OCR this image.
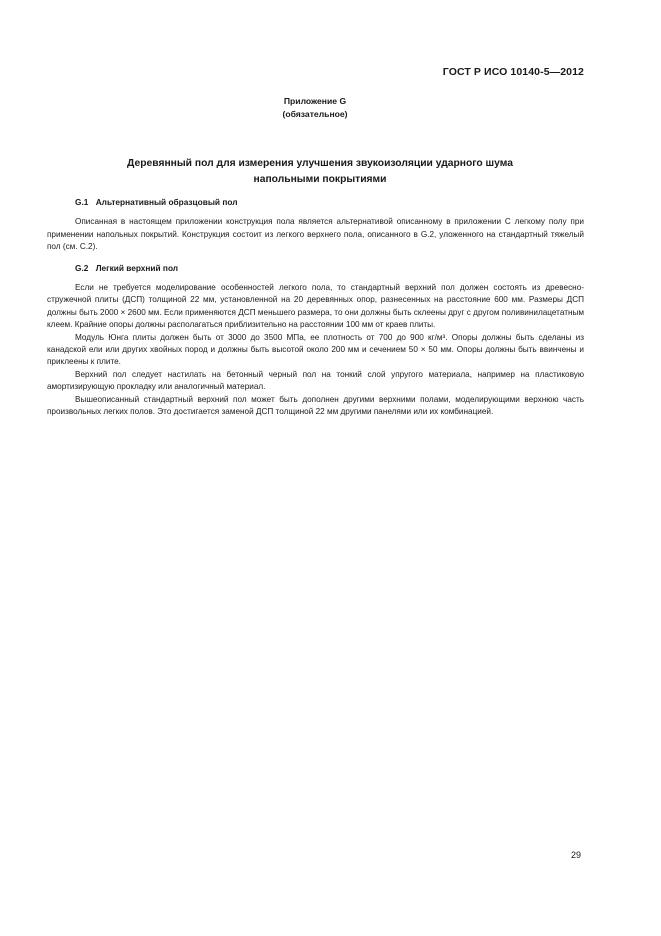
ГОСТ Р ИСО 10140-5—2012
Приложение G
(обязательное)
Деревянный пол для измерения улучшения звукоизоляции ударного шума
напольными покрытиями
G.1 Альтернативный образцовый пол

Описанная в настоящем приложении конструкция пола является альтернативой описанному в приложении С легкому полу при применении напольных покрытий. Конструкция состоит из легкого верхнего пола, описанного в G.2, уложенного на стандартный тяжелый пол (см. С.2).

G.2 Легкий верхний пол

Если не требуется моделирование особенностей легкого пола, то стандартный верхний пол должен состоять из древесно-стружечной плиты (ДСП) толщиной 22 мм, установленной на 20 деревянных опор, разнесенных на расстояние 600 мм. Размеры ДСП должны быть 2000 × 2600 мм. Если применяются ДСП меньшего размера, то они должны быть склеены друг с другом поливинилацетатным клеем. Крайние опоры должны располагаться приблизительно на расстоянии 100 мм от краев плиты.

Модуль Юнга плиты должен быть от 3000 до 3500 МПа, ее плотность от 700 до 900 кг/м³. Опоры должны быть сделаны из канадской ели или других хвойных пород и должны быть высотой около 200 мм и сечением 50 × 50 мм. Опоры должны быть ввинчены и приклеены к плите.

Верхний пол следует настилать на бетонный черный пол на тонкий слой упругого материала, например на пластиковую амортизирующую прокладку или аналогичный материал.

Вышеописанный стандартный верхний пол может быть дополнен другими верхними полами, моделирующими верхнюю часть произвольных легких полов. Это достигается заменой ДСП толщиной 22 мм другими панелями или их комбинацией.

29
